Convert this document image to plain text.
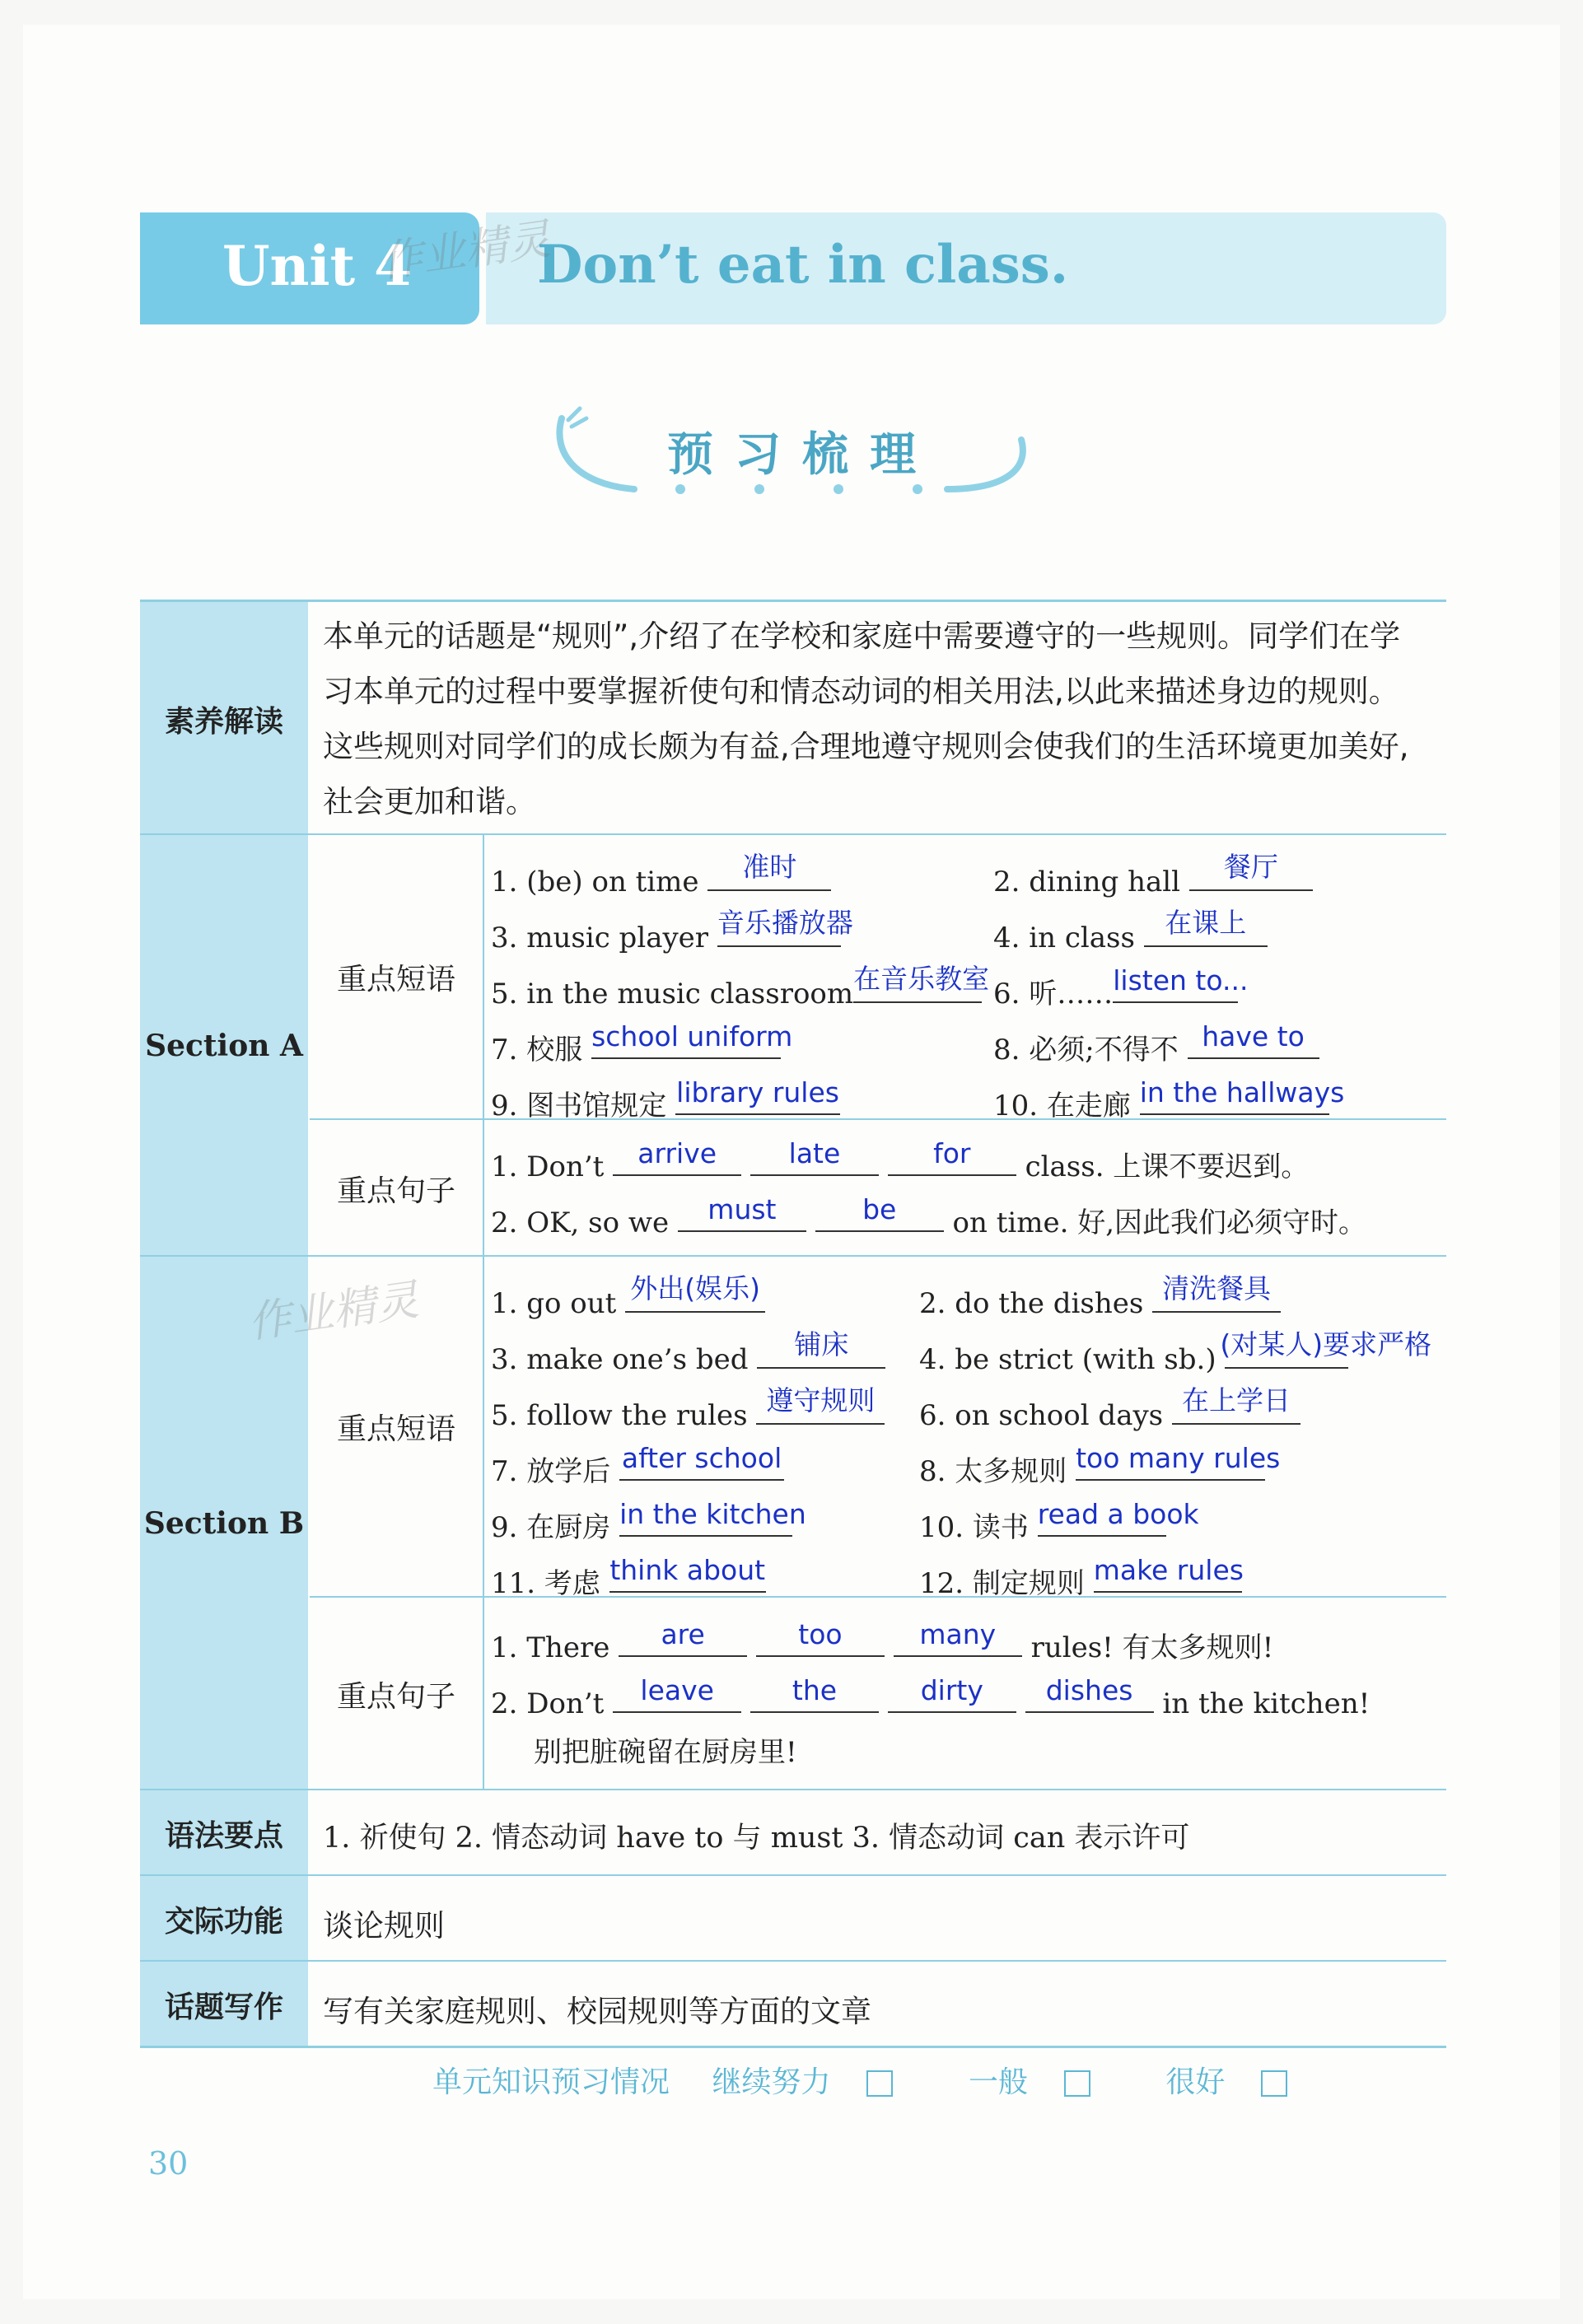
Unit 4 Don’t eat in class.
作业精灵
预习梳理
素养解读
本单元的话题是“规则”,介绍了在学校和家庭中需要遵守的一些规则。同学们在学习本单元的过程中要掌握祈使句和情态动词的相关用法,以此来描述身边的规则。这些规则对同学们的成长颇为有益,合理地遵守规则会使我们的生活环境更加美好,社会更加和谐。
Section A
重点短语
重点句子
1. (be) on time	准时	2. dining hall	餐厅
3. music player 音乐播放器	4. in class	在课上
5. in the music classroom 在音乐教室 6. 听…… listen to...
7. 校服 school uniform	8. 必须;不得不 have to
9. 图书馆规定 library rules	10. 在走廊 in the hallways
1. Don’t	arrive
	late
	for	class. 上课不要迟到。
2. OK, so we	must
	be	on time. 好,因此我们必须守时。
Section B
重点短语
重点句子
1. go out 外出(娱乐)	2. do the dishes 清洗餐具
3. make one’s bed	铺床	4. be strict (with sb.) (对某人)要求严格
5. follow the rules 遵守规则	6. on school days 在上学日
7. 放学后 after school	8. 太多规则 too many rules
9. 在厨房 in the kitchen	10. 读书 read a book
11. 考虑 think about	12. 制定规则 make rules
1. There	are
	too
	many	rules! 有太多规则!
2. Don’t	leave
	the
	dirty
	dishes	in the kitchen!
别把脏碗留在厨房里!
语法要点	1. 祈使句 2. 情态动词 have to 与 must 3. 情态动词 can 表示许可
交际功能	谈论规则
话题写作	写有关家庭规则、校园规则等方面的文章
作业精灵
单元知识预习情况 继续努力	一般	很好
30
